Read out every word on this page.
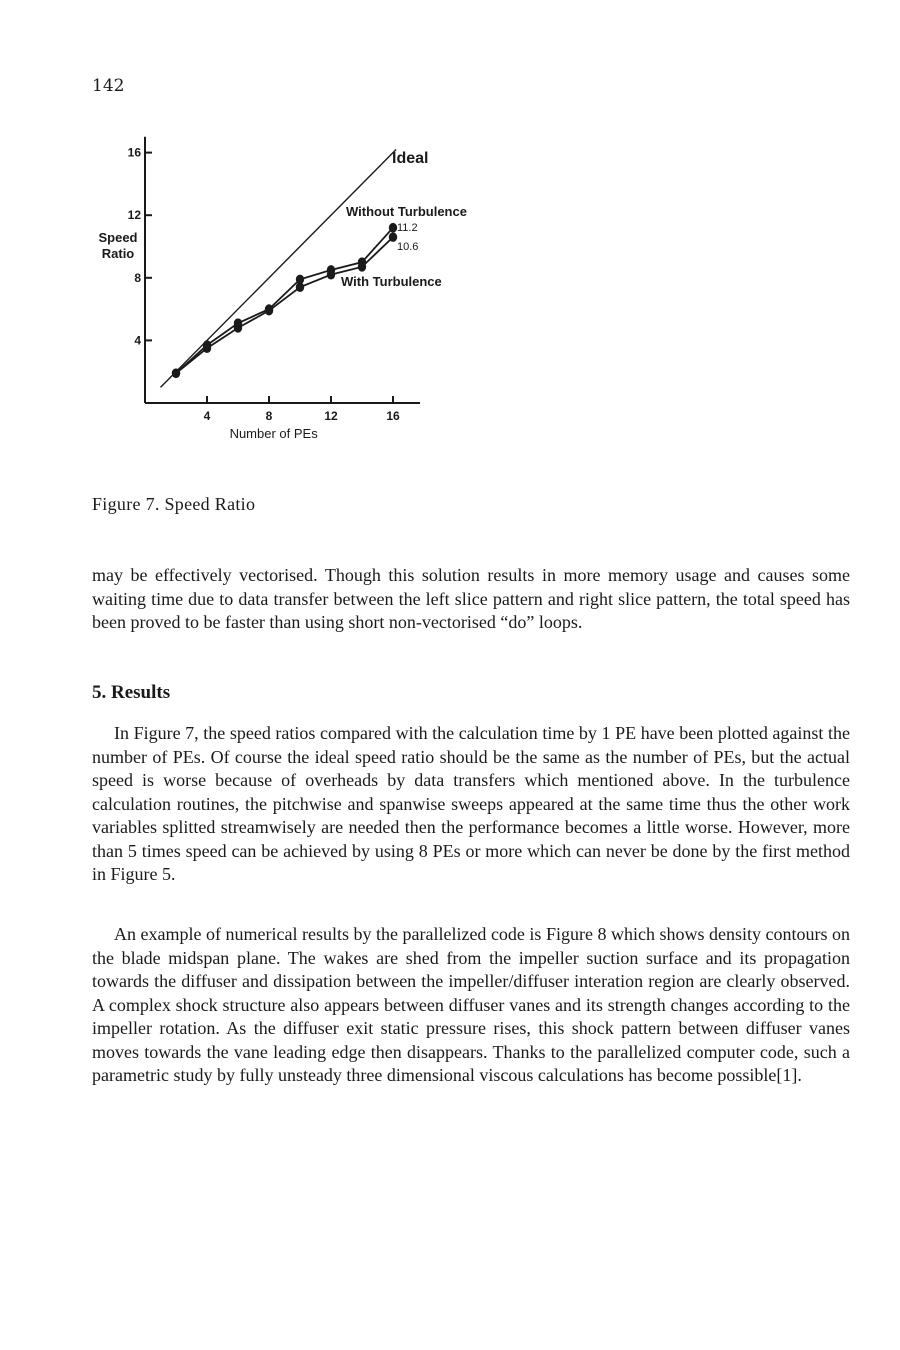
142
4
8
12
16
4	8	12	16
Number of PEs
Speed
Ratio
Ideal
Without Turbulence
11.2
10.6
With Turbulence
Figure 7. Speed Ratio

may be effectively vectorised. Though this solution results in more memory usage and causes some waiting time due to data transfer between the left slice pattern and right slice pattern, the total speed has been proved to be faster than using short non-vectorised “do” loops.

5. Results

In Figure 7, the speed ratios compared with the calculation time by 1 PE have been plotted against the number of PEs. Of course the ideal speed ratio should be the same as the number of PEs, but the actual speed is worse because of overheads by data transfers which mentioned above. In the turbulence calculation routines, the pitchwise and spanwise sweeps appeared at the same time thus the other work variables splitted streamwisely are needed then the performance becomes a little worse. However, more than 5 times speed can be achieved by using 8 PEs or more which can never be done by the first method in Figure 5.

An example of numerical results by the parallelized code is Figure 8 which shows density contours on the blade midspan plane. The wakes are shed from the impeller suction surface and its propagation towards the diffuser and dissipation between the impeller/diffuser interation region are clearly observed. A complex shock structure also appears between diffuser vanes and its strength changes according to the impeller rotation. As the diffuser exit static pressure rises, this shock pattern between diffuser vanes moves towards the vane leading edge then disappears. Thanks to the parallelized computer code, such a parametric study by fully unsteady three dimensional viscous calculations has become possible[1].
